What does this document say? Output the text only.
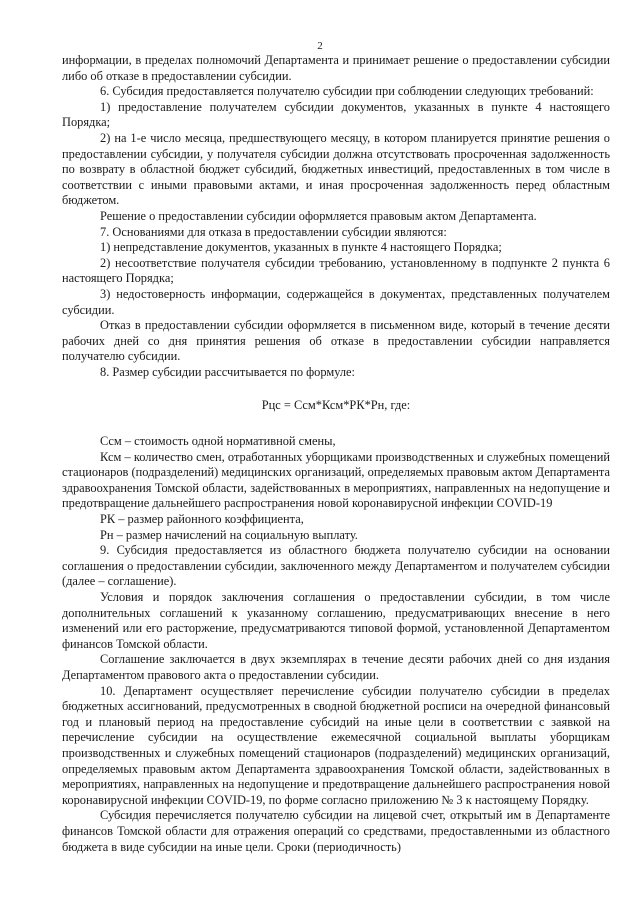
2

информации, в пределах полномочий Департамента и принимает решение о предоставлении субсидии либо об отказе в предоставлении субсидии.

6. Субсидия предоставляется получателю субсидии при соблюдении следующих требований:

1) предоставление получателем субсидии документов, указанных в пункте 4 настоящего Порядка;

2) на 1-е число месяца, предшествующего месяцу, в котором планируется принятие решения о предоставлении субсидии, у получателя субсидии должна отсутствовать просроченная задолженность по возврату в областной бюджет субсидий, бюджетных инвестиций, предоставленных в том числе в соответствии с иными правовыми актами, и иная просроченная задолженность перед областным бюджетом.

Решение о предоставлении субсидии оформляется правовым актом Департамента.

7. Основаниями для отказа в предоставлении субсидии являются:

1) непредставление документов, указанных в пункте 4 настоящего Порядка;

2) несоответствие получателя субсидии требованию, установленному в подпункте 2 пункта 6 настоящего Порядка;

3) недостоверность информации, содержащейся в документах, представленных получателем субсидии.

Отказ в предоставлении субсидии оформляется в письменном виде, который в течение десяти рабочих дней со дня принятия решения об отказе в предоставлении субсидии направляется получателю субсидии.

8. Размер субсидии рассчитывается по формуле:

Рцс = Ссм*Ксм*РК*Рн, где:

Ссм – стоимость одной нормативной смены,

Ксм – количество смен, отработанных уборщиками производственных и служебных помещений стационаров (подразделений) медицинских организаций, определяемых правовым актом Департамента здравоохранения Томской области, задействованных в мероприятиях, направленных на недопущение и предотвращение дальнейшего распространения новой коронавирусной инфекции COVID-19

РК – размер районного коэффициента,

Рн – размер начислений на социальную выплату.

9. Субсидия предоставляется из областного бюджета получателю субсидии на основании соглашения о предоставлении субсидии, заключенного между Департаментом и получателем субсидии (далее – соглашение).

Условия и порядок заключения соглашения о предоставлении субсидии, в том числе дополнительных соглашений к указанному соглашению, предусматривающих внесение в него изменений или его расторжение, предусматриваются типовой формой, установленной Департаментом финансов Томской области.

Соглашение заключается в двух экземплярах в течение десяти рабочих дней со дня издания Департаментом правового акта о предоставлении субсидии.

10. Департамент осуществляет перечисление субсидии получателю субсидии в пределах бюджетных ассигнований, предусмотренных в сводной бюджетной росписи на очередной финансовый год и плановый период на предоставление субсидий на иные цели в соответствии с заявкой на перечисление субсидии на осуществление ежемесячной социальной выплаты уборщикам производственных и служебных помещений стационаров (подразделений) медицинских организаций, определяемых правовым актом Департамента здравоохранения Томской области, задействованных в мероприятиях, направленных на недопущение и предотвращение дальнейшего распространения новой коронавирусной инфекции COVID-19, по форме согласно приложению № 3 к настоящему Порядку.

Субсидия перечисляется получателю субсидии на лицевой счет, открытый им в Департаменте финансов Томской области для отражения операций со средствами, предоставленными из областного бюджета в виде субсидии на иные цели. Сроки (периодичность)
